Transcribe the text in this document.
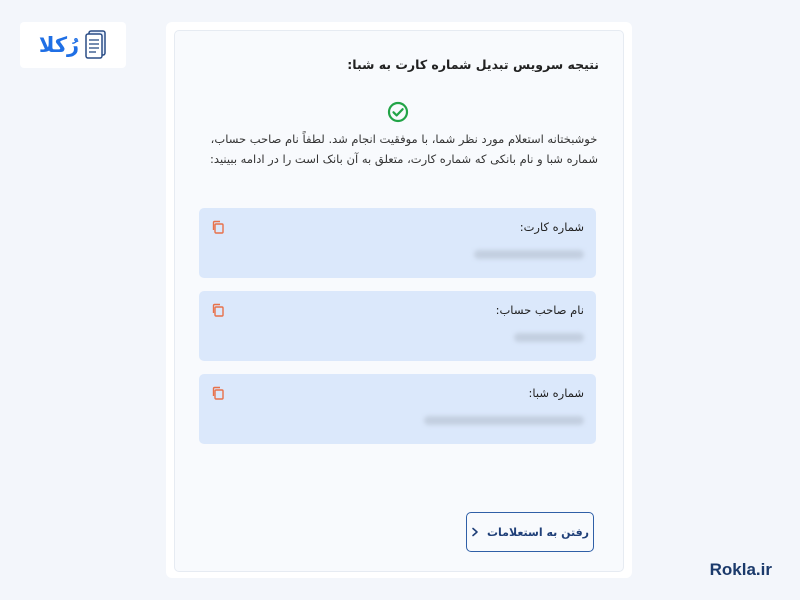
رُکلا
نتیجه سرویس تبدیل شماره کارت به شبا:
خوشبختانه استعلام مورد نظر شما، با موفقیت انجام شد. لطفاً نام صاحب حساب، شماره شبا و نام بانکی که شماره کارت، متعلق به آن بانک است را در ادامه ببینید:
شماره کارت:
نام صاحب حساب:
شماره شبا:
رفتن به استعلامات
Rokla.ir
